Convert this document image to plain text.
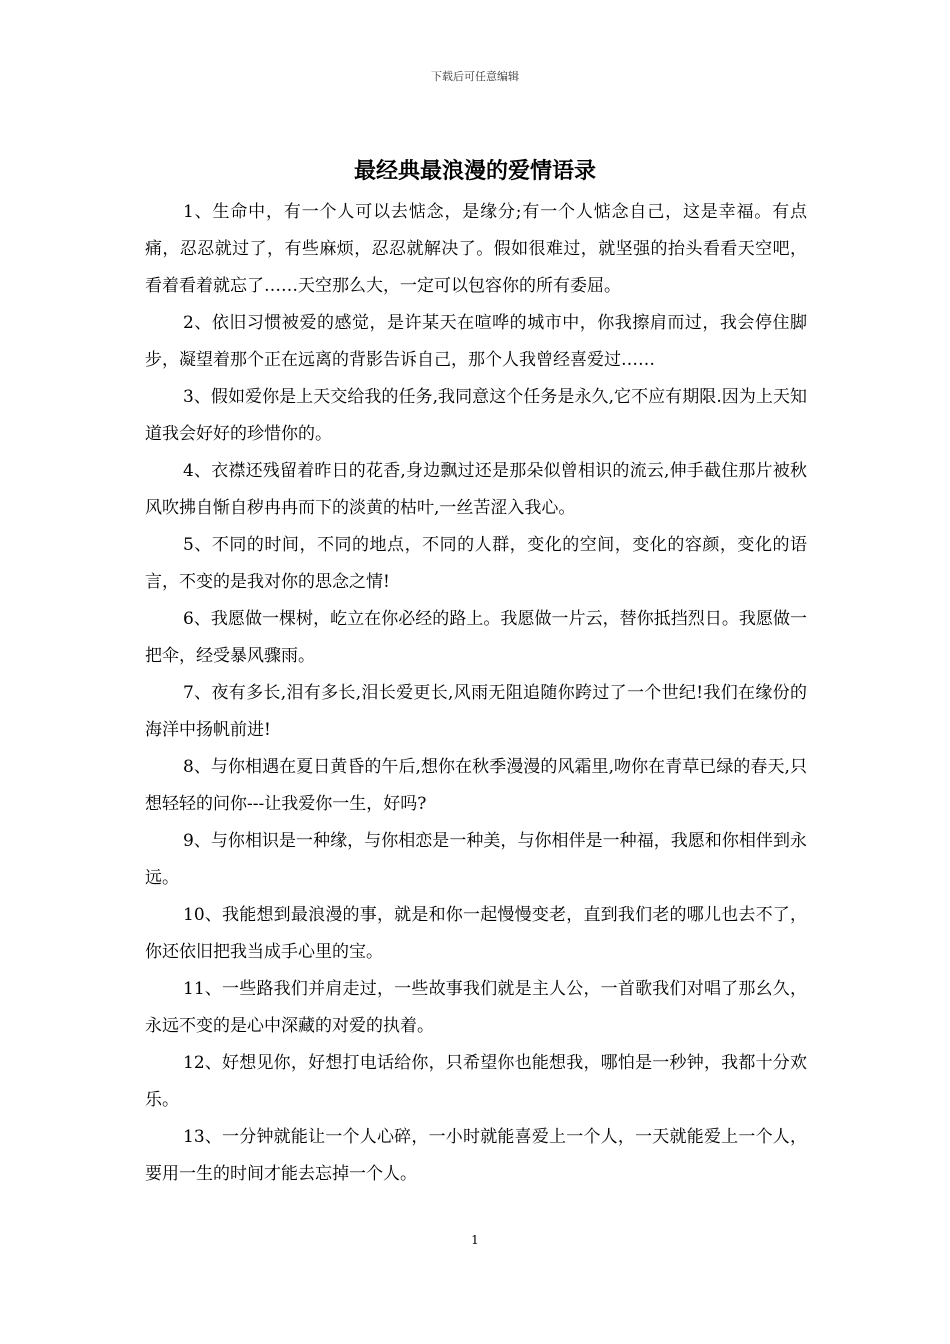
下载后可任意编辑
最经典最浪漫的爱情语录

1、生命中，有一个人可以去惦念，是缘分;有一个人惦念自己，这是幸福。有点痛，忍忍就过了，有些麻烦，忍忍就解决了。假如很难过，就坚强的抬头看看天空吧，看着看着就忘了……天空那么大，一定可以包容你的所有委屈。

2、依旧习惯被爱的感觉，是许某天在喧哗的城市中，你我擦肩而过，我会停住脚步，凝望着那个正在远离的背影告诉自己，那个人我曾经喜爱过……

3、假如爱你是上天交给我的任务,我同意这个任务是永久,它不应有期限.因为上天知道我会好好的珍惜你的。

4、衣襟还残留着昨日的花香,身边飘过还是那朵似曾相识的流云,伸手截住那片被秋风吹拂自惭自秽冉冉而下的淡黄的枯叶,一丝苦涩入我心。

5、不同的时间，不同的地点，不同的人群，变化的空间，变化的容颜，变化的语言，不变的是我对你的思念之情!

6、我愿做一棵树，屹立在你必经的路上。我愿做一片云，替你抵挡烈日。我愿做一把伞，经受暴风骤雨。

7、夜有多长,泪有多长,泪长爱更长,风雨无阻追随你跨过了一个世纪!我们在缘份的海洋中扬帆前进!

8、与你相遇在夏日黄昏的午后,想你在秋季漫漫的风霜里,吻你在青草已绿的春天,只想轻轻的问你---让我爱你一生，好吗?

9、与你相识是一种缘，与你相恋是一种美，与你相伴是一种福，我愿和你相伴到永远。

10、我能想到最浪漫的事，就是和你一起慢慢变老，直到我们老的哪儿也去不了，你还依旧把我当成手心里的宝。

11、一些路我们并肩走过，一些故事我们就是主人公，一首歌我们对唱了那幺久，永远不变的是心中深藏的对爱的执着。

12、好想见你，好想打电话给你，只希望你也能想我，哪怕是一秒钟，我都十分欢乐。

13、一分钟就能让一个人心碎，一小时就能喜爱上一个人，一天就能爱上一个人，要用一生的时间才能去忘掉一个人。

1
